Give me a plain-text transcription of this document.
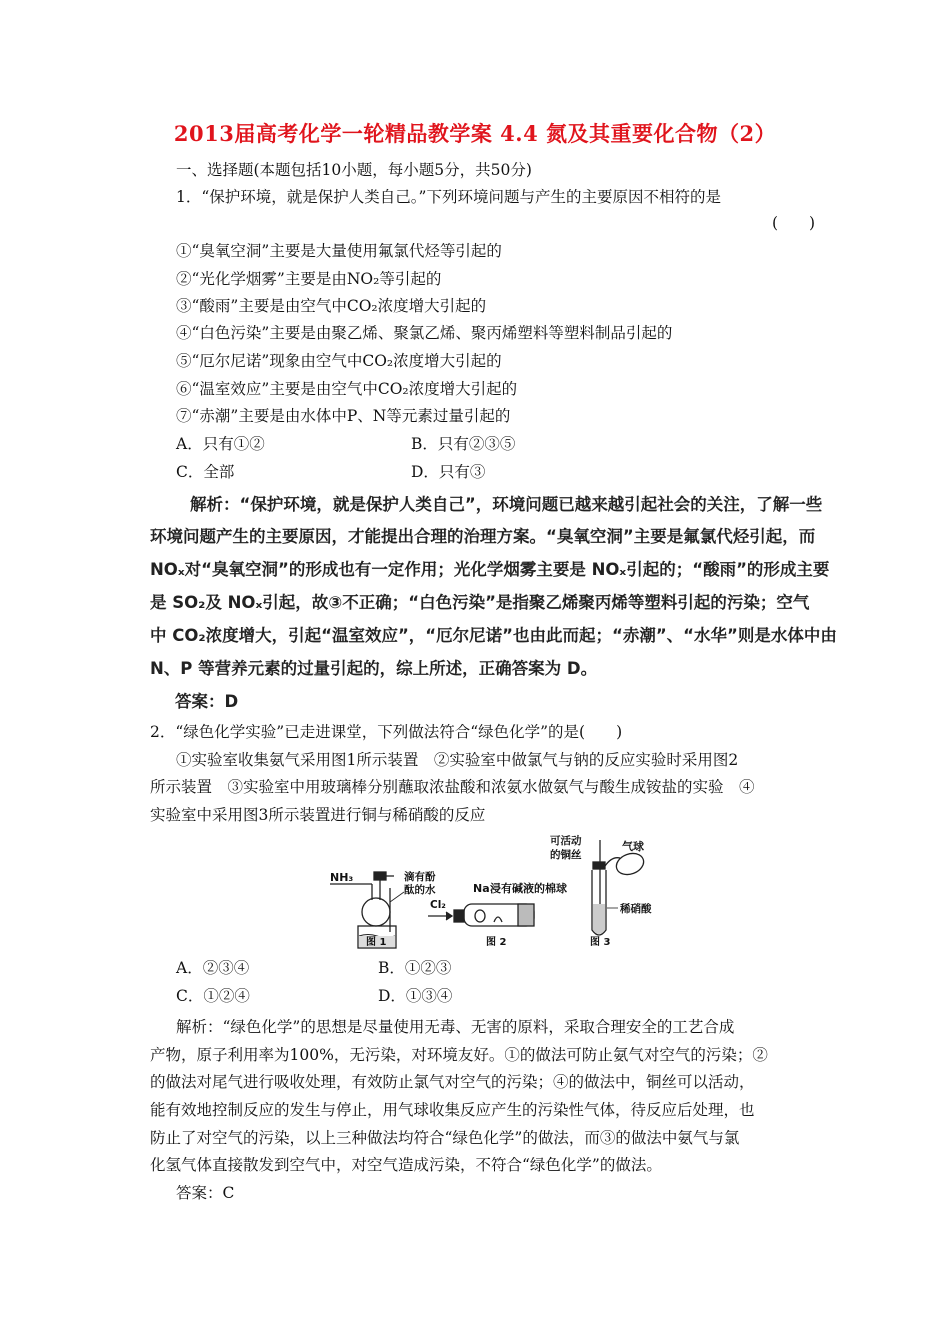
2013届高考化学一轮精品教学案 4.4 氮及其重要化合物（2）
一、选择题(本题包括10小题，每小题5分，共50分)
1．“保护环境，就是保护人类自己。”下列环境问题与产生的主要原因不相符的是
(　　)
①“臭氧空洞”主要是大量使用氟氯代烃等引起的
②“光化学烟雾”主要是由NO₂等引起的
③“酸雨”主要是由空气中CO₂浓度增大引起的
④“白色污染”主要是由聚乙烯、聚氯乙烯、聚丙烯塑料等塑料制品引起的
⑤“厄尔尼诺”现象由空气中CO₂浓度增大引起的
⑥“温室效应”主要是由空气中CO₂浓度增大引起的
⑦“赤潮”主要是由水体中P、N等元素过量引起的
A．只有①②	B．只有②③⑤
C．全部	D．只有③
解析：“保护环境，就是保护人类自己”，环境问题已越来越引起社会的关注，了解一些
环境问题产生的主要原因，才能提出合理的治理方案。“臭氧空洞”主要是氟氯代烃引起，而
NOₓ对“臭氧空洞”的形成也有一定作用；光化学烟雾主要是 NOₓ引起的；“酸雨”的形成主要
是 SO₂及 NOₓ引起，故③不正确；“白色污染”是指聚乙烯聚丙烯等塑料引起的污染；空气
中 CO₂浓度增大，引起“温室效应”，“厄尔尼诺”也由此而起；“赤潮”、“水华”则是水体中由
N、P 等营养元素的过量引起的，综上所述，正确答案为 D。
答案：D
2．“绿色化学实验”已走进课堂，下列做法符合“绿色化学”的是(　　)
①实验室收集氨气采用图1所示装置　②实验室中做氯气与钠的反应实验时采用图2
所示装置　③实验室中用玻璃棒分别蘸取浓盐酸和浓氨水做氨气与酸生成铵盐的实验　④
实验室中采用图3所示装置进行铜与稀硝酸的反应
NH₃	滴有酚
酞的水
图 1
Na 浸有碱液的棉球
Cl₂
图 2
可活动
的铜丝
气球
稀硝酸
图 3
A．②③④	B．①②③
C．①②④	D．①③④
解析：“绿色化学”的思想是尽量使用无毒、无害的原料，采取合理安全的工艺合成
产物，原子利用率为100%，无污染，对环境友好。①的做法可防止氨气对空气的污染；②
的做法对尾气进行吸收处理，有效防止氯气对空气的污染；④的做法中，铜丝可以活动，
能有效地控制反应的发生与停止，用气球收集反应产生的污染性气体，待反应后处理，也
防止了对空气的污染，以上三种做法均符合“绿色化学”的做法，而③的做法中氨气与氯
化氢气体直接散发到空气中，对空气造成污染，不符合“绿色化学”的做法。
答案：C
